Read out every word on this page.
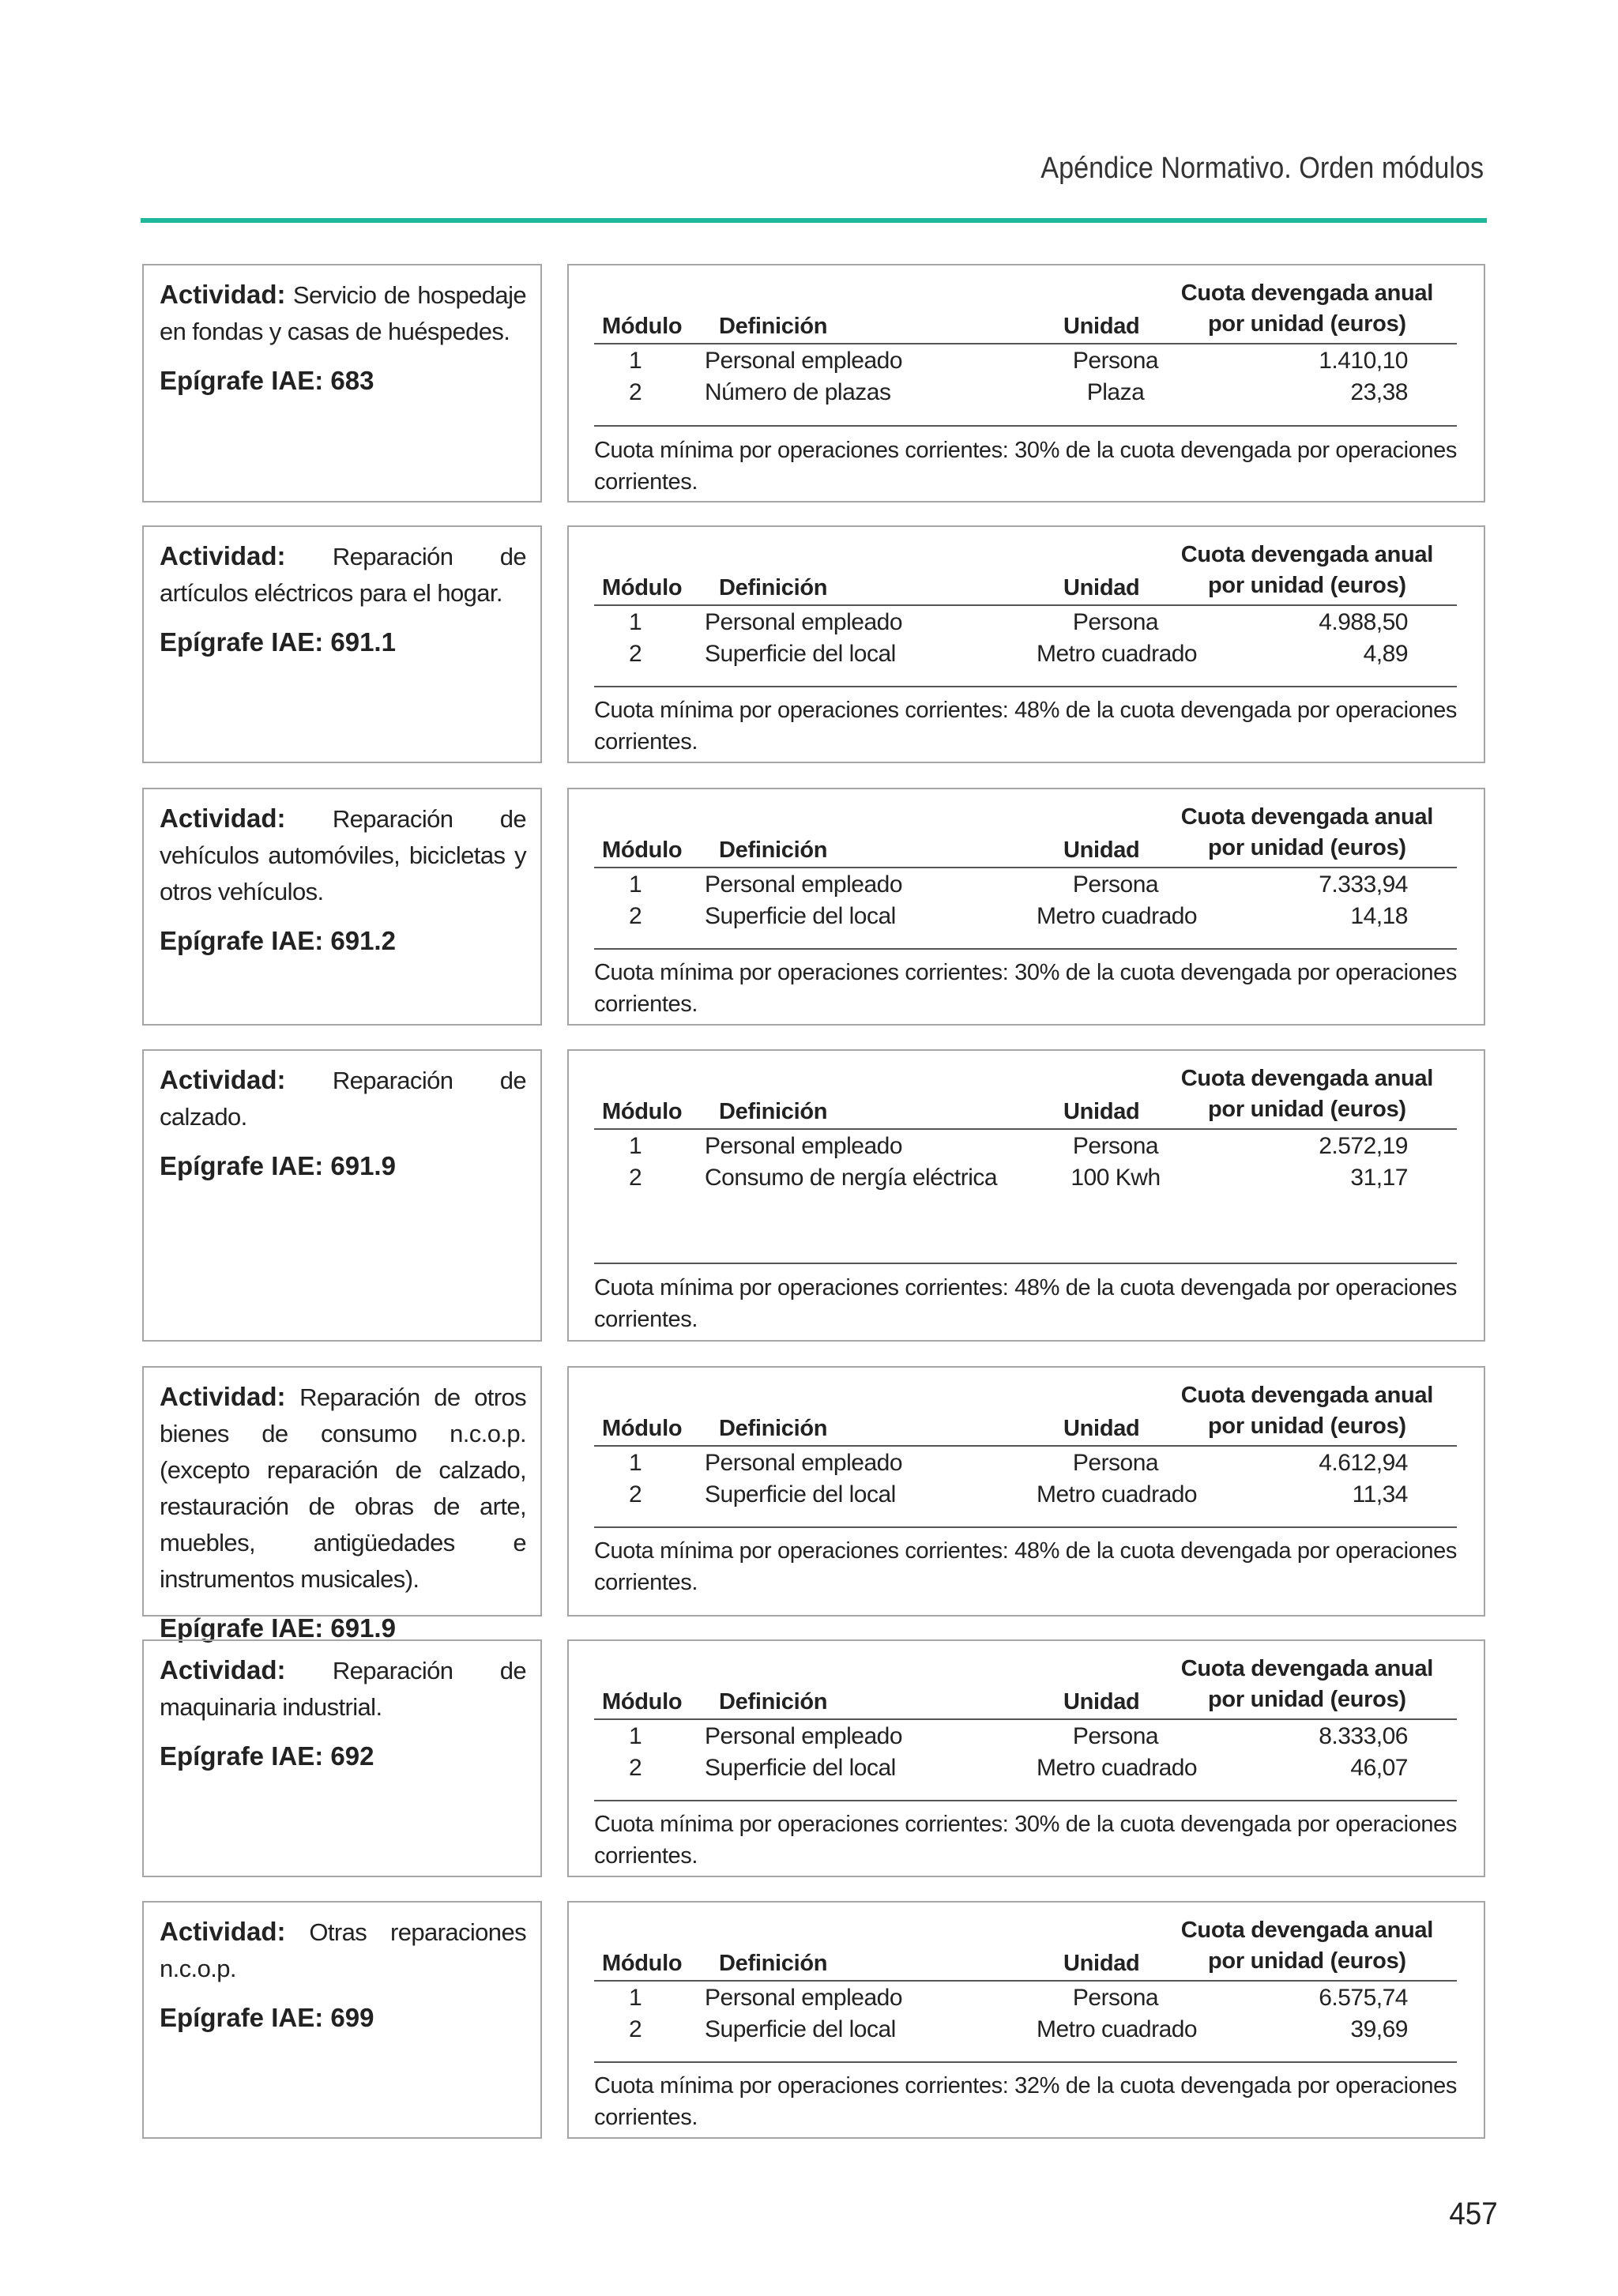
Apéndice Normativo. Orden módulos
Actividad: Servicio de hospedaje en fondas y casas de huéspedes.
Epígrafe IAE: 683
Módulo Definición	Unidad
Cuota devengada anual
por unidad (euros)
1	Personal empleado	Persona	1.410,10
2	Número de plazas	Plaza	23,38
Cuota mínima por operaciones corrientes: 30% de la cuota devengada por operaciones corrientes.
Actividad: Reparación de artículos eléctricos para el hogar.
Epígrafe IAE: 691.1
Módulo Definición	Unidad
Cuota devengada anual
por unidad (euros)
1	Personal empleado	Persona	4.988,50
2	Superficie del local	Metro cuadrado	4,89
Cuota mínima por operaciones corrientes: 48% de la cuota devengada por operaciones corrientes.
Actividad: Reparación de vehículos automóviles, bicicletas y otros vehículos.
Epígrafe IAE: 691.2
Módulo Definición	Unidad
Cuota devengada anual
por unidad (euros)
1	Personal empleado	Persona	7.333,94
2	Superficie del local	Metro cuadrado	14,18
Cuota mínima por operaciones corrientes: 30% de la cuota devengada por operaciones corrientes.
Actividad: Reparación de calzado.
Epígrafe IAE: 691.9
Módulo Definición	Unidad
Cuota devengada anual
por unidad (euros)
1	Personal empleado	Persona	2.572,19
2	Consumo de nergía eléctrica	100 Kwh	31,17
Cuota mínima por operaciones corrientes: 48% de la cuota devengada por operaciones corrientes.
Actividad: Reparación de otros bienes de consumo n.c.o.p. (excepto reparación de calzado, restauración de obras de arte, muebles, antigüedades e instrumentos musicales).
Epígrafe IAE: 691.9
Módulo Definición	Unidad
Cuota devengada anual
por unidad (euros)
1	Personal empleado	Persona	4.612,94
2	Superficie del local	Metro cuadrado	11,34
Cuota mínima por operaciones corrientes: 48% de la cuota devengada por operaciones corrientes.
Actividad: Reparación de maquinaria industrial.
Epígrafe IAE: 692
Módulo Definición	Unidad
Cuota devengada anual
por unidad (euros)
1	Personal empleado	Persona	8.333,06
2	Superficie del local	Metro cuadrado	46,07
Cuota mínima por operaciones corrientes: 30% de la cuota devengada por operaciones corrientes.
Actividad: Otras reparaciones n.c.o.p.
Epígrafe IAE: 699
Módulo Definición	Unidad
Cuota devengada anual
por unidad (euros)
1	Personal empleado	Persona	6.575,74
2	Superficie del local	Metro cuadrado	39,69
Cuota mínima por operaciones corrientes: 32% de la cuota devengada por operaciones corrientes.
457
